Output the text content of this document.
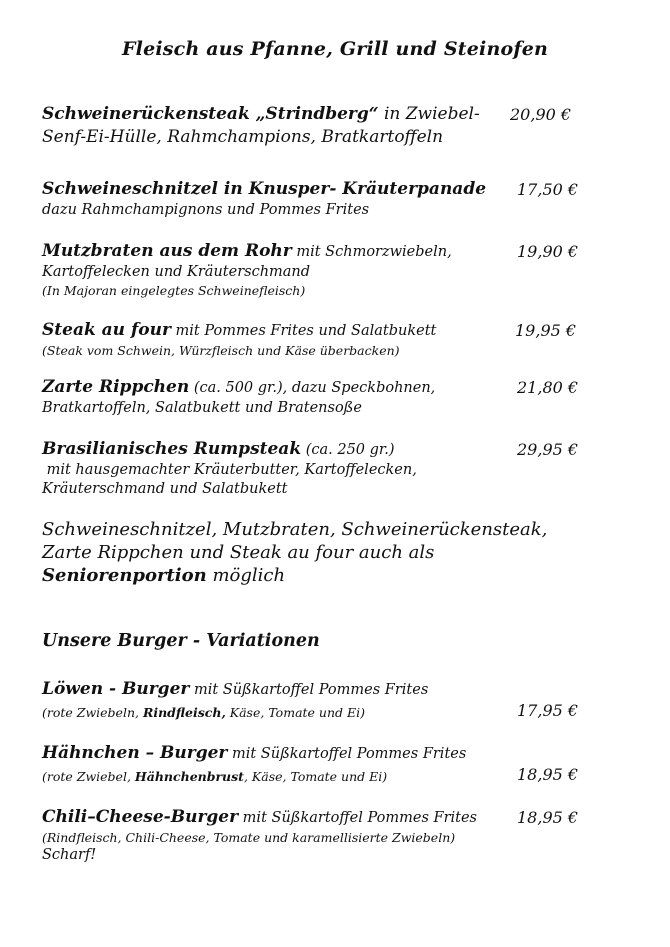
Fleisch aus Pfanne, Grill und Steinofen
Schweinerückensteak „Strindberg“ in Zwiebel- 20,90 €
Senf-Ei-Hülle, Rahmchampions, Bratkartoffeln
Schweineschnitzel in Knusper- Kräuterpanade 17,50 €
dazu Rahmchampignons und Pommes Frites
Mutzbraten aus dem Rohr mit Schmorzwiebeln,	19,90 €
Kartoffelecken und Kräuterschmand
(In Majoran eingelegtes Schweinefleisch)
Steak au four mit Pommes Frites und Salatbukett	19,95 €
(Steak vom Schwein, Würzfleisch und Käse überbacken)
Zarte Rippchen (ca. 500 gr.), dazu Speckbohnen,	21,80 €
Bratkartoffeln, Salatbukett und Bratensoße
Brasilianisches Rumpsteak (ca. 250 gr.)	29,95 €
mit hausgemachter Kräuterbutter, Kartoffelecken,
Kräuterschmand und Salatbukett
Schweineschnitzel, Mutzbraten, Schweinerückensteak,
Zarte Rippchen und Steak au four auch als
Seniorenportion möglich
Unsere Burger - Variationen
Löwen - Burger mit Süßkartoffel Pommes Frites
(rote Zwiebeln, Rindfleisch, Käse, Tomate und Ei)	17,95 €
Hähnchen – Burger mit Süßkartoffel Pommes Frites
(rote Zwiebel, Hähnchenbrust, Käse, Tomate und Ei)	18,95 €
Chili–Cheese-Burger mit Süßkartoffel Pommes Frites	18,95 €
(Rindfleisch, Chili-Cheese, Tomate und karamellisierte Zwiebeln)
Scharf!
